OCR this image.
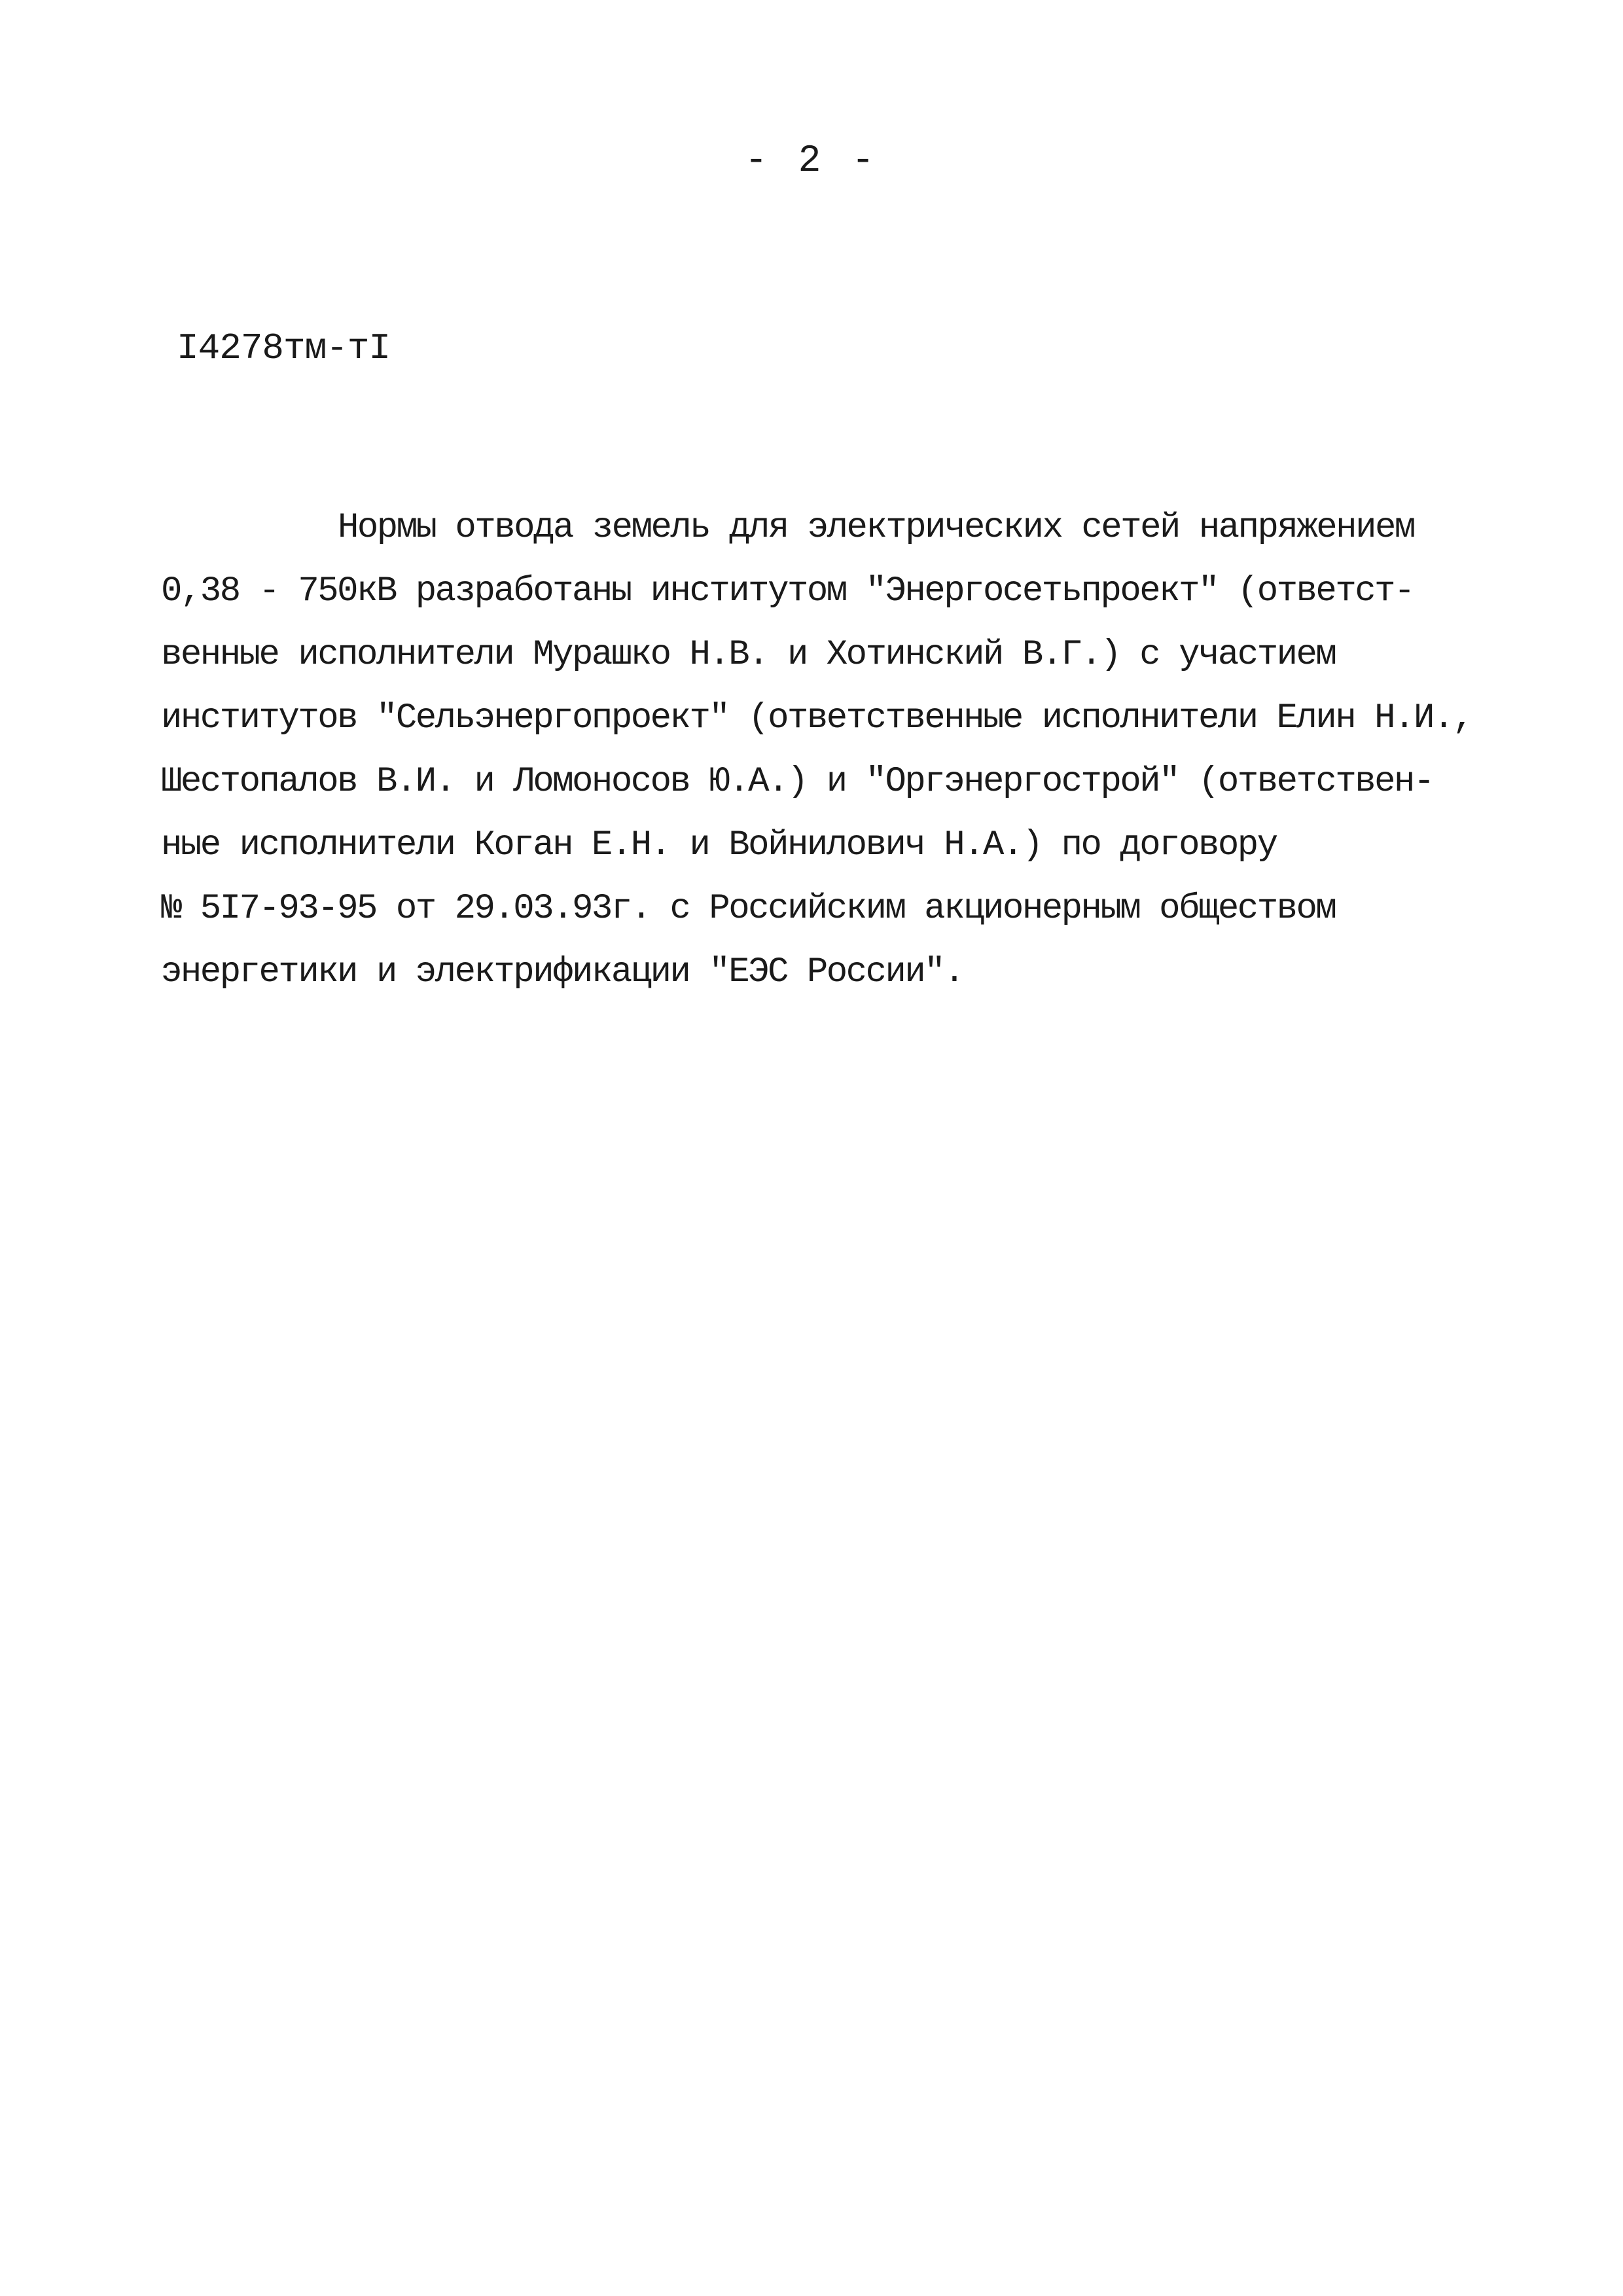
- 2 -
I4278тм-тI
Нормы отвода земель для электрических сетей напряжением
0,38 - 750кВ разработаны институтом "Энергосетьпроект" (ответст-
венные исполнители Мурашко Н.В. и Хотинский В.Г.) с участием
институтов "Сельэнергопроект" (ответственные исполнители Елин Н.И.,
Шестопалов В.И. и Ломоносов Ю.А.) и "Оргэнергострой" (ответствен-
ные исполнители Коган Е.Н. и Войнилович Н.А.) по договору
№ 5I7-93-95 от 29.03.93г. с Российским акционерным обществом
энергетики и электрификации "ЕЭС России".
